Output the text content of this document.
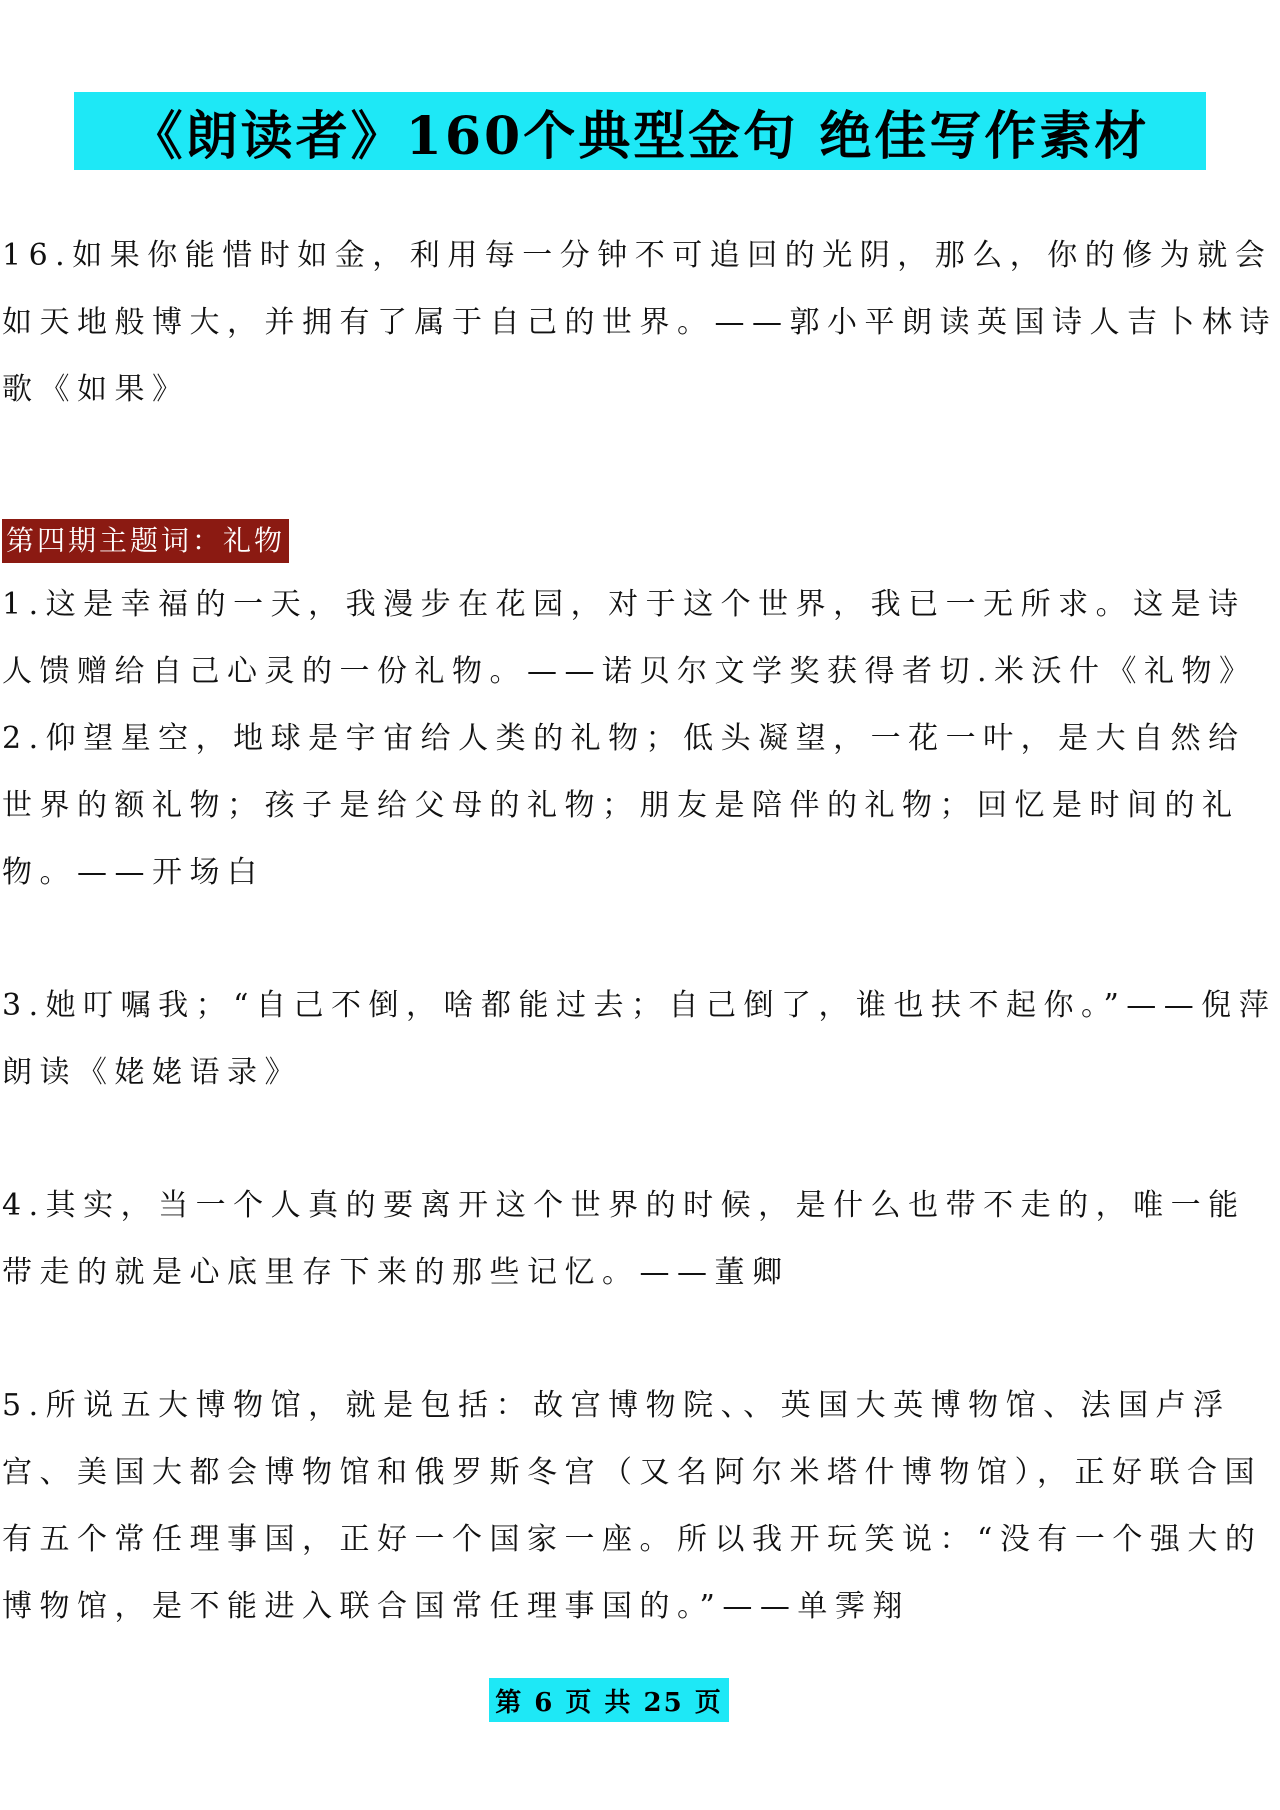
《朗读者》160个典型金句 绝佳写作素材

16.如果你能惜时如金，利用每一分钟不可追回的光阴，那么，你的修为就会如天地般博大，并拥有了属于自己的世界。——郭小平朗读英国诗人吉卜林诗歌《如果》

第四期主题词：礼物

1.这是幸福的一天，我漫步在花园，对于这个世界，我已一无所求。这是诗人馈赠给自己心灵的一份礼物。——诺贝尔文学奖获得者切.米沃什《礼物》

2.仰望星空，地球是宇宙给人类的礼物；低头凝望，一花一叶，是大自然给世界的额礼物；孩子是给父母的礼物；朋友是陪伴的礼物；回忆是时间的礼物。——开场白

3.她叮嘱我；“自己不倒，啥都能过去；自己倒了，谁也扶不起你。”——倪萍朗读《姥姥语录》

4.其实，当一个人真的要离开这个世界的时候，是什么也带不走的，唯一能带走的就是心底里存下来的那些记忆。——董卿

5.所说五大博物馆，就是包括：故宫博物院、、英国大英博物馆、法国卢浮宫、美国大都会博物馆和俄罗斯冬宫（又名阿尔米塔什博物馆），正好联合国有五个常任理事国，正好一个国家一座。所以我开玩笑说：“没有一个强大的博物馆，是不能进入联合国常任理事国的。”——单霁翔

第 6 页 共 25 页
